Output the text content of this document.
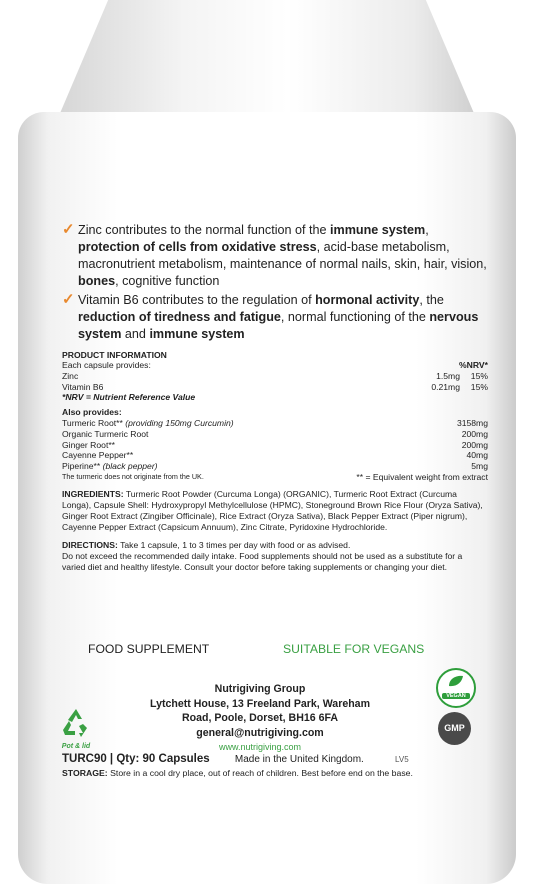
✓ Zinc contributes to the normal function of the immune system, protection of cells from oxidative stress, acid-base metabolism, macronutrient metabolism, maintenance of normal nails, skin, hair, vision, bones, cognitive function
✓ Vitamin B6 contributes to the regulation of hormonal activity, the reduction of tiredness and fatigue, normal functioning of the nervous system and immune system
PRODUCT INFORMATION
Each capsule provides:	%NRV*
Zinc	1.5mg	15%
Vitamin B6	0.21mg	15%
*NRV = Nutrient Reference Value
Also provides:
Turmeric Root** (providing 150mg Curcumin)	3158mg
Organic Turmeric Root	200mg
Ginger Root**	200mg
Cayenne Pepper**	40mg
Piperine** (black pepper)	5mg
The turmeric does not originate from the UK.	** = Equivalent weight from extract
INGREDIENTS: Turmeric Root Powder (Curcuma Longa) (ORGANIC), Turmeric Root Extract (Curcuma Longa), Capsule Shell: Hydroxypropyl Methylcellulose (HPMC), Stoneground Brown Rice Flour (Oryza Sativa), Ginger Root Extract (Zingiber Officinale), Rice Extract (Oryza Sativa), Black Pepper Extract (Piper nigrum), Cayenne Pepper Extract (Capsicum Annuum), Zinc Citrate, Pyridoxine Hydrochloride.
DIRECTIONS: Take 1 capsule, 1 to 3 times per day with food or as advised.
Do not exceed the recommended daily intake. Food supplements should not be used as a substitute for a varied diet and healthy lifestyle. Consult your doctor before taking supplements or changing your diet.
FOOD SUPPLEMENT	SUITABLE FOR VEGANS
Nutrigiving Group
Lytchett House, 13 Freeland Park, Wareham
Road, Poole, Dorset, BH16 6FA
general@nutrigiving.com
www.nutrigiving.com
Pot & lid
VEGAN
GMP
TURC90 | Qty: 90 Capsules	Made in the United Kingdom.	LV5
STORAGE: Store in a cool dry place, out of reach of children. Best before end on the base.
